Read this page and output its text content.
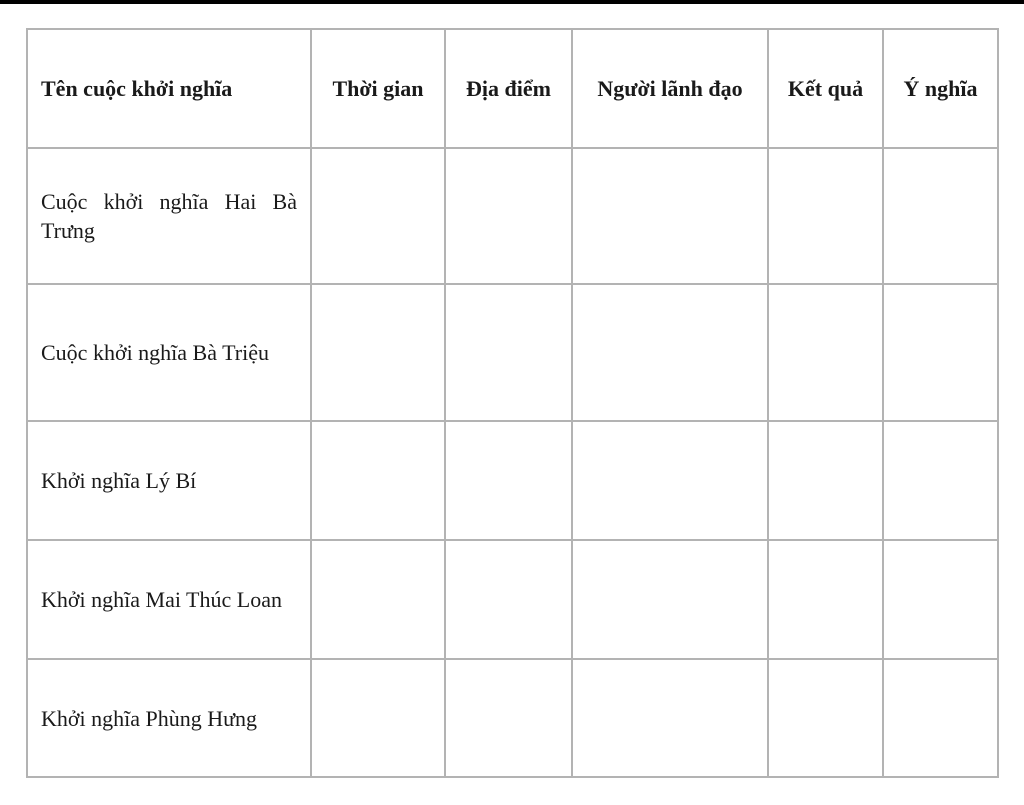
Tên cuộc khởi nghĩa	Thời gian	Địa điểm	Người lãnh đạo	Kết quả	Ý nghĩa
Cuộc khởi nghĩa Hai Bà Trưng					
Cuộc khởi nghĩa Bà Triệu					
Khởi nghĩa Lý Bí					
Khởi nghĩa Mai Thúc Loan					
Khởi nghĩa Phùng Hưng					
